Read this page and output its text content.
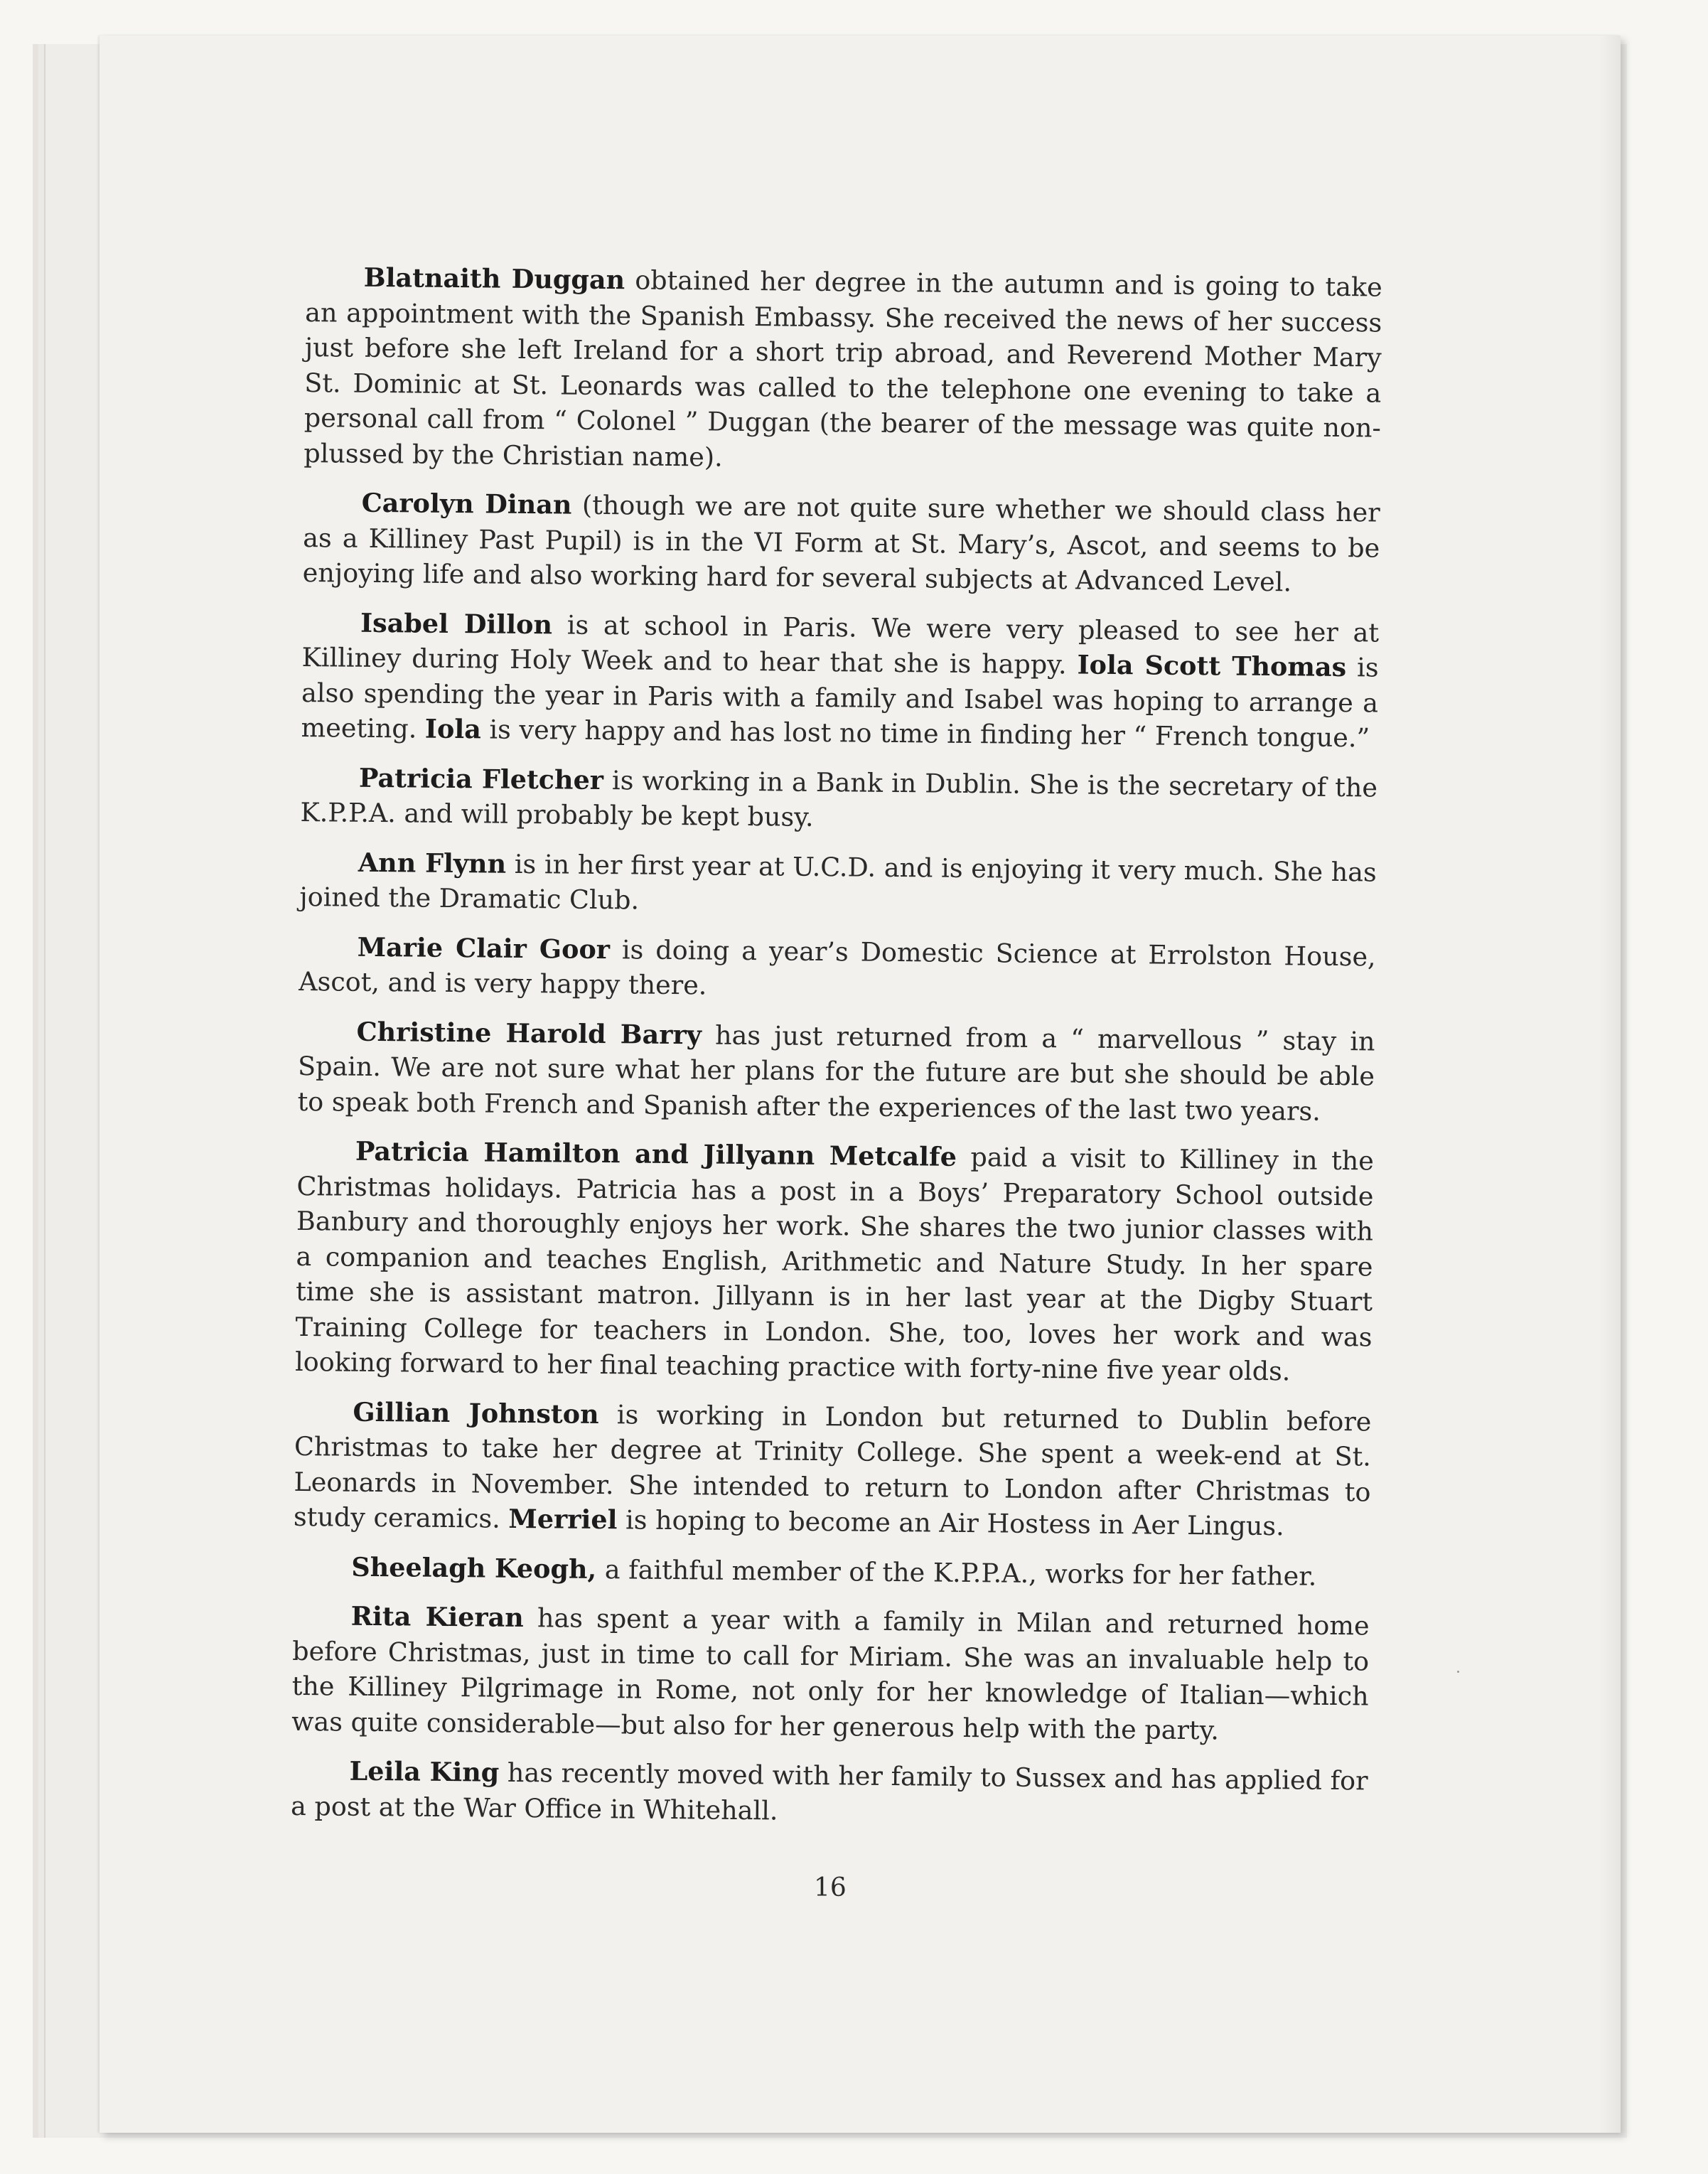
Blatnaith Duggan obtained her degree in the autumn and is going to take an appointment with the Spanish Embassy. She received the news of her success just before she left Ireland for a short trip abroad, and Reverend Mother Mary St. Dominic at St. Leonards was called to the telephone one evening to take a personal call from “ Colonel ” Duggan (the bearer of the message was quite non-plussed by the Christian name).

Carolyn Dinan (though we are not quite sure whether we should class her as a Killiney Past Pupil) is in the VI Form at St. Mary’s, Ascot, and seems to be enjoying life and also working hard for several subjects at Advanced Level.

Isabel Dillon is at school in Paris. We were very pleased to see her at Killiney during Holy Week and to hear that she is happy. Iola Scott Thomas is also spending the year in Paris with a family and Isabel was hoping to arrange a meeting. Iola is very happy and has lost no time in finding her “ French tongue.”

Patricia Fletcher is working in a Bank in Dublin. She is the secretary of the K.P.P.A. and will probably be kept busy.

Ann Flynn is in her first year at U.C.D. and is enjoying it very much. She has joined the Dramatic Club.

Marie Clair Goor is doing a year’s Domestic Science at Errolston House, Ascot, and is very happy there.

Christine Harold Barry has just returned from a “ marvellous ” stay in Spain. We are not sure what her plans for the future are but she should be able to speak both French and Spanish after the experiences of the last two years.

Patricia Hamilton and Jillyann Metcalfe paid a visit to Killiney in the Christmas holidays. Patricia has a post in a Boys’ Preparatory School outside Banbury and thoroughly enjoys her work. She shares the two junior classes with a companion and teaches English, Arithmetic and Nature Study. In her spare time she is assistant matron. Jillyann is in her last year at the Digby Stuart Training College for teachers in London. She, too, loves her work and was looking forward to her final teaching practice with forty-nine five year olds.

Gillian Johnston is working in London but returned to Dublin before Christmas to take her degree at Trinity College. She spent a week-end at St. Leonards in November. She intended to return to London after Christmas to study ceramics. Merriel is hoping to become an Air Hostess in Aer Lingus.

Sheelagh Keogh, a faithful member of the K.P.P.A., works for her father.

Rita Kieran has spent a year with a family in Milan and returned home before Christmas, just in time to call for Miriam. She was an invaluable help to the Killiney Pilgrimage in Rome, not only for her knowledge of Italian—which was quite considerable—but also for her generous help with the party.

Leila King has recently moved with her family to Sussex and has applied for a post at the War Office in Whitehall.

16
